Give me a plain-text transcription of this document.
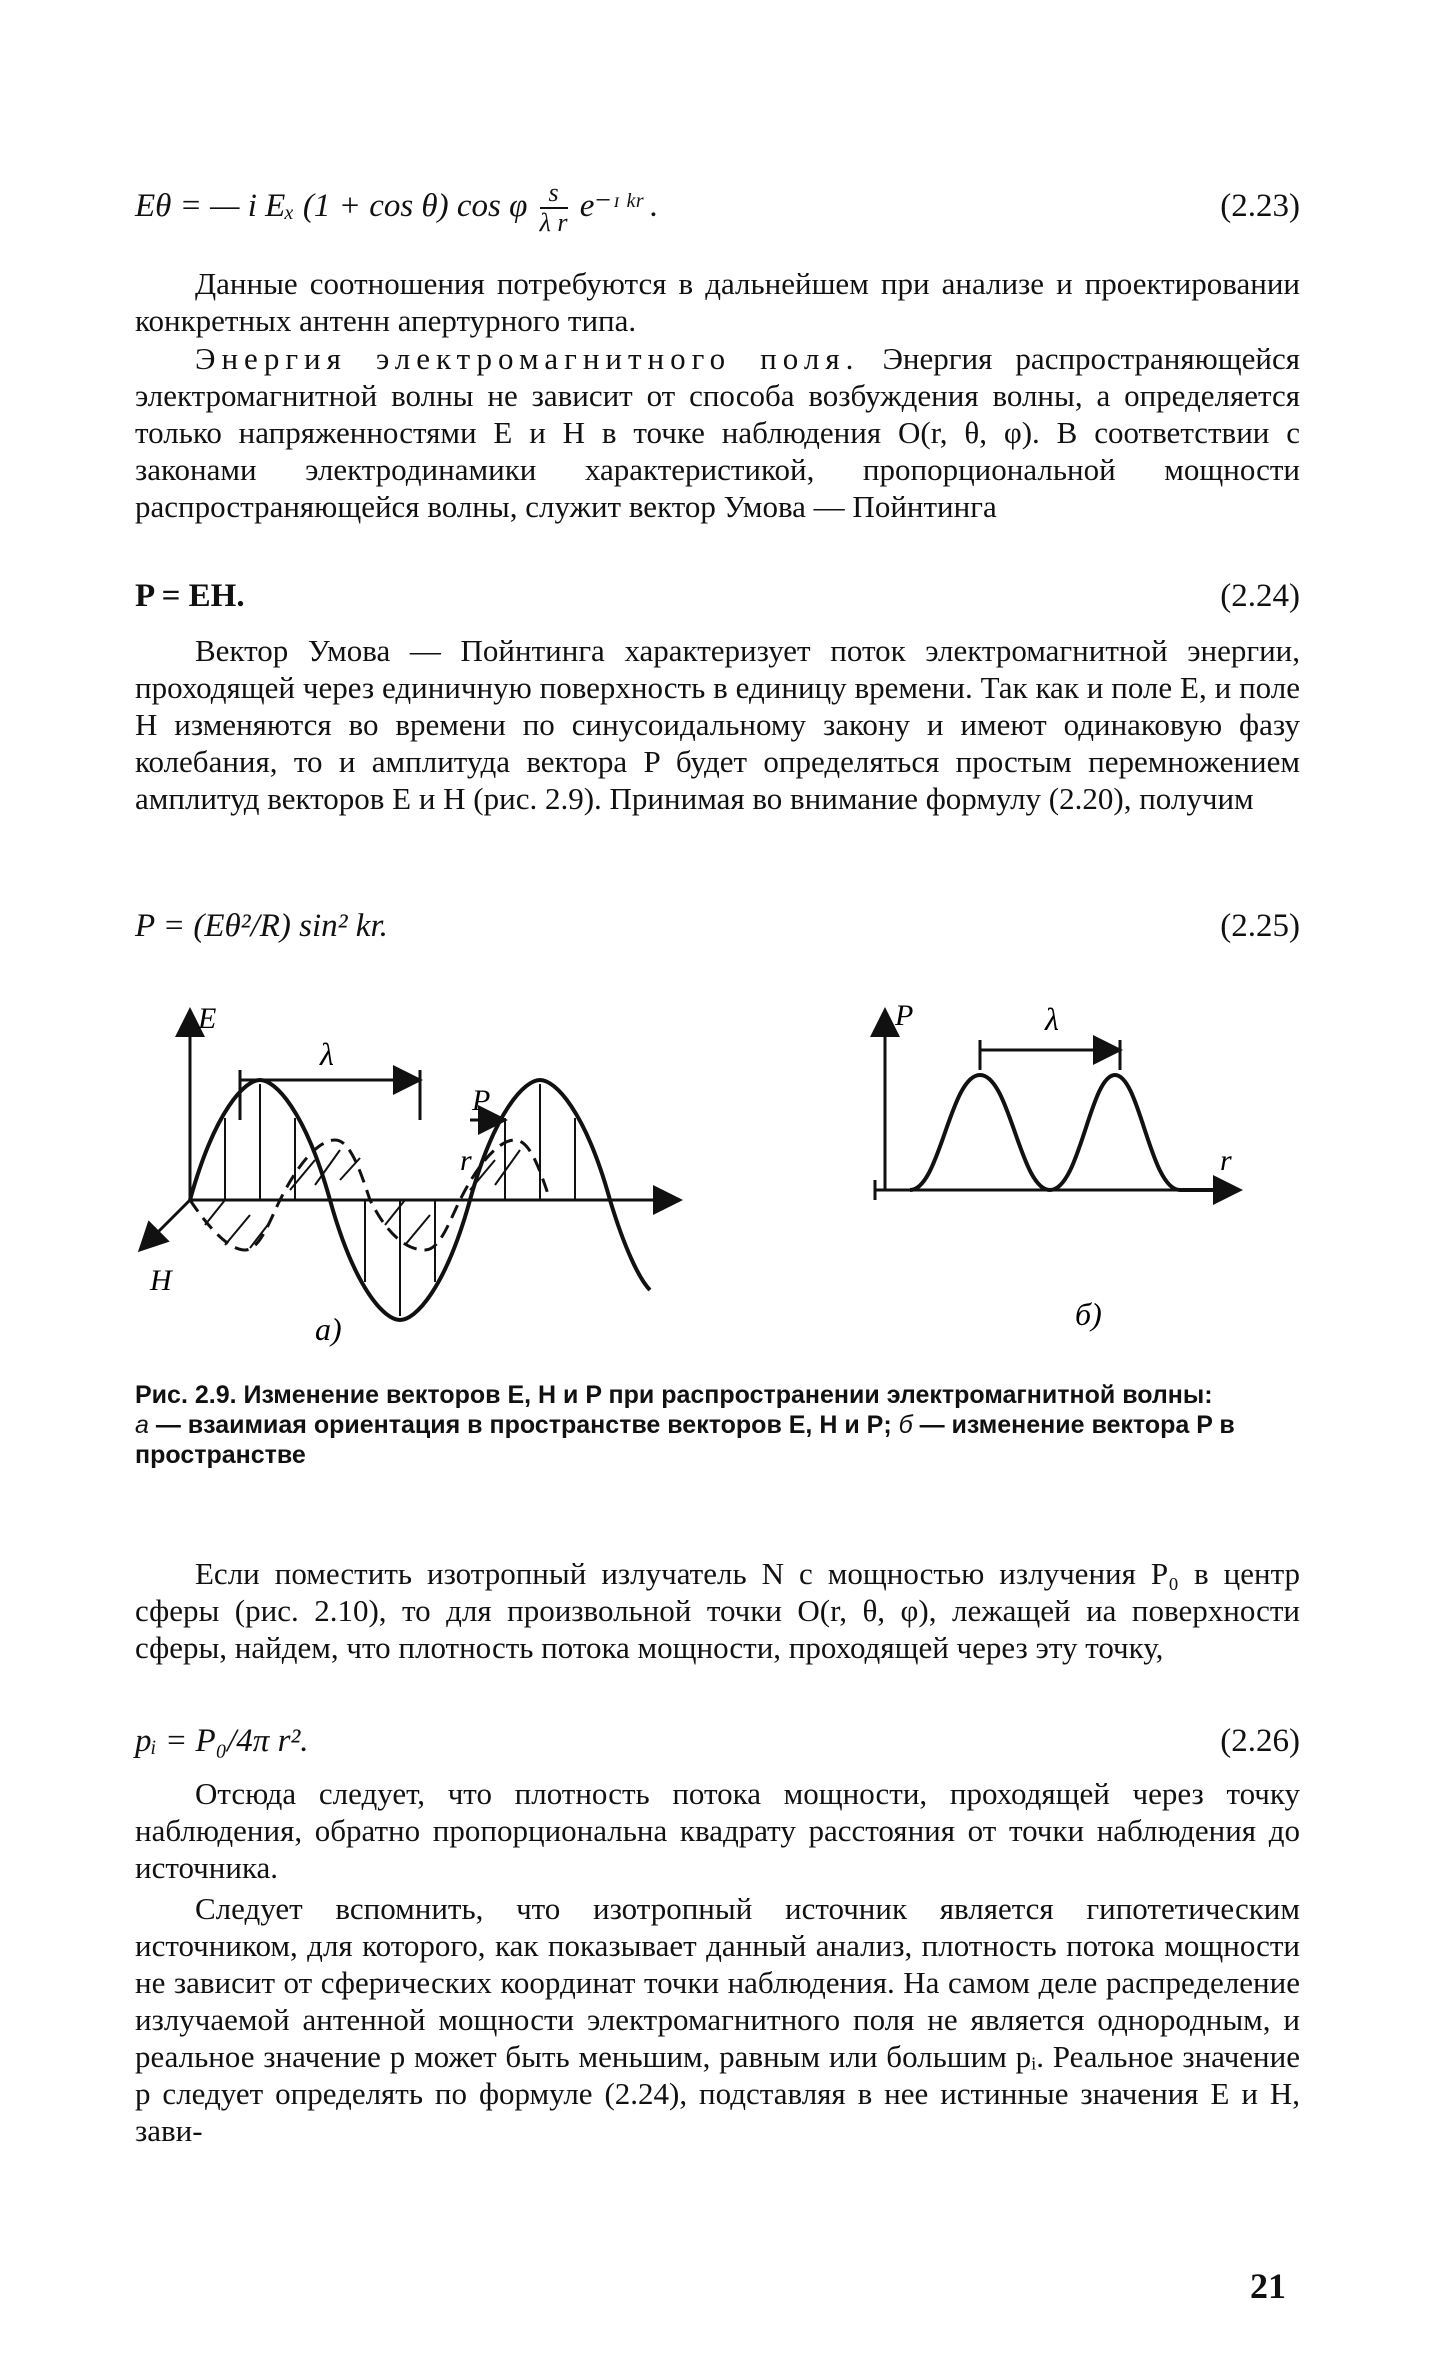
Eθ = — i Eₓ (1 + cos θ) cos φ $\frac{s}{\text{λ r}}$ e⁻ᶦ ᵏʳ .	(2.23)

Данные соотношения потребуются в дальнейшем при анализе и проектировании конкретных антенн апертурного типа.

Энергия электромагнитного поля. Энергия распространяющейся электромагнитной волны не зависит от способа возбуждения волны, а определяется только напряженностями E и H в точке наблюдения O(r, θ, φ). В соответствии с законами электродинамики характеристикой, пропорциональной мощности распространяющейся волны, служит вектор Умова — Пойнтинга

P = EH.	(2.24)

Вектор Умова — Пойнтинга характеризует поток электромагнитной энергии, проходящей через единичную поверхность в единицу времени. Так как и поле E, и поле H изменяются во времени по синусоидальному закону и имеют одинаковую фазу колебания, то и амплитуда вектора P будет определяться простым перемножением амплитуд векторов E и H (рис. 2.9). Принимая во внимание формулу (2.20), получим

P = (Eθ²/R) sin² kr.	(2.25)
E
H
r
P
λ
a)
P
r
λ
б)

Рис. 2.9. Изменение векторов E, H и P при распространении электромагнитной волны:
a — взаимиая ориентация в пространстве векторов E, H и P; б — изменение вектора P в пространстве

Если поместить изотропный излучатель N с мощностью излучения P₀ в центр сферы (рис. 2.10), то для произвольной точки O(r, θ, φ), лежащей иа поверхности сферы, найдем, что плотность потока мощности, проходящей через эту точку,

pᵢ = P₀/4π r².	(2.26)

Отсюда следует, что плотность потока мощности, проходящей через точку наблюдения, обратно пропорциональна квадрату расстояния от точки наблюдения до источника.

Следует вспомнить, что изотропный источник является гипотетическим источником, для которого, как показывает данный анализ, плотность потока мощности не зависит от сферических координат точки наблюдения. На самом деле распределение излучаемой антенной мощности электромагнитного поля не является однородным, и реальное значение p может быть меньшим, равным или большим pᵢ. Реальное значение p следует определять по формуле (2.24), подставляя в нее истинные значения E и H, зави-

21
